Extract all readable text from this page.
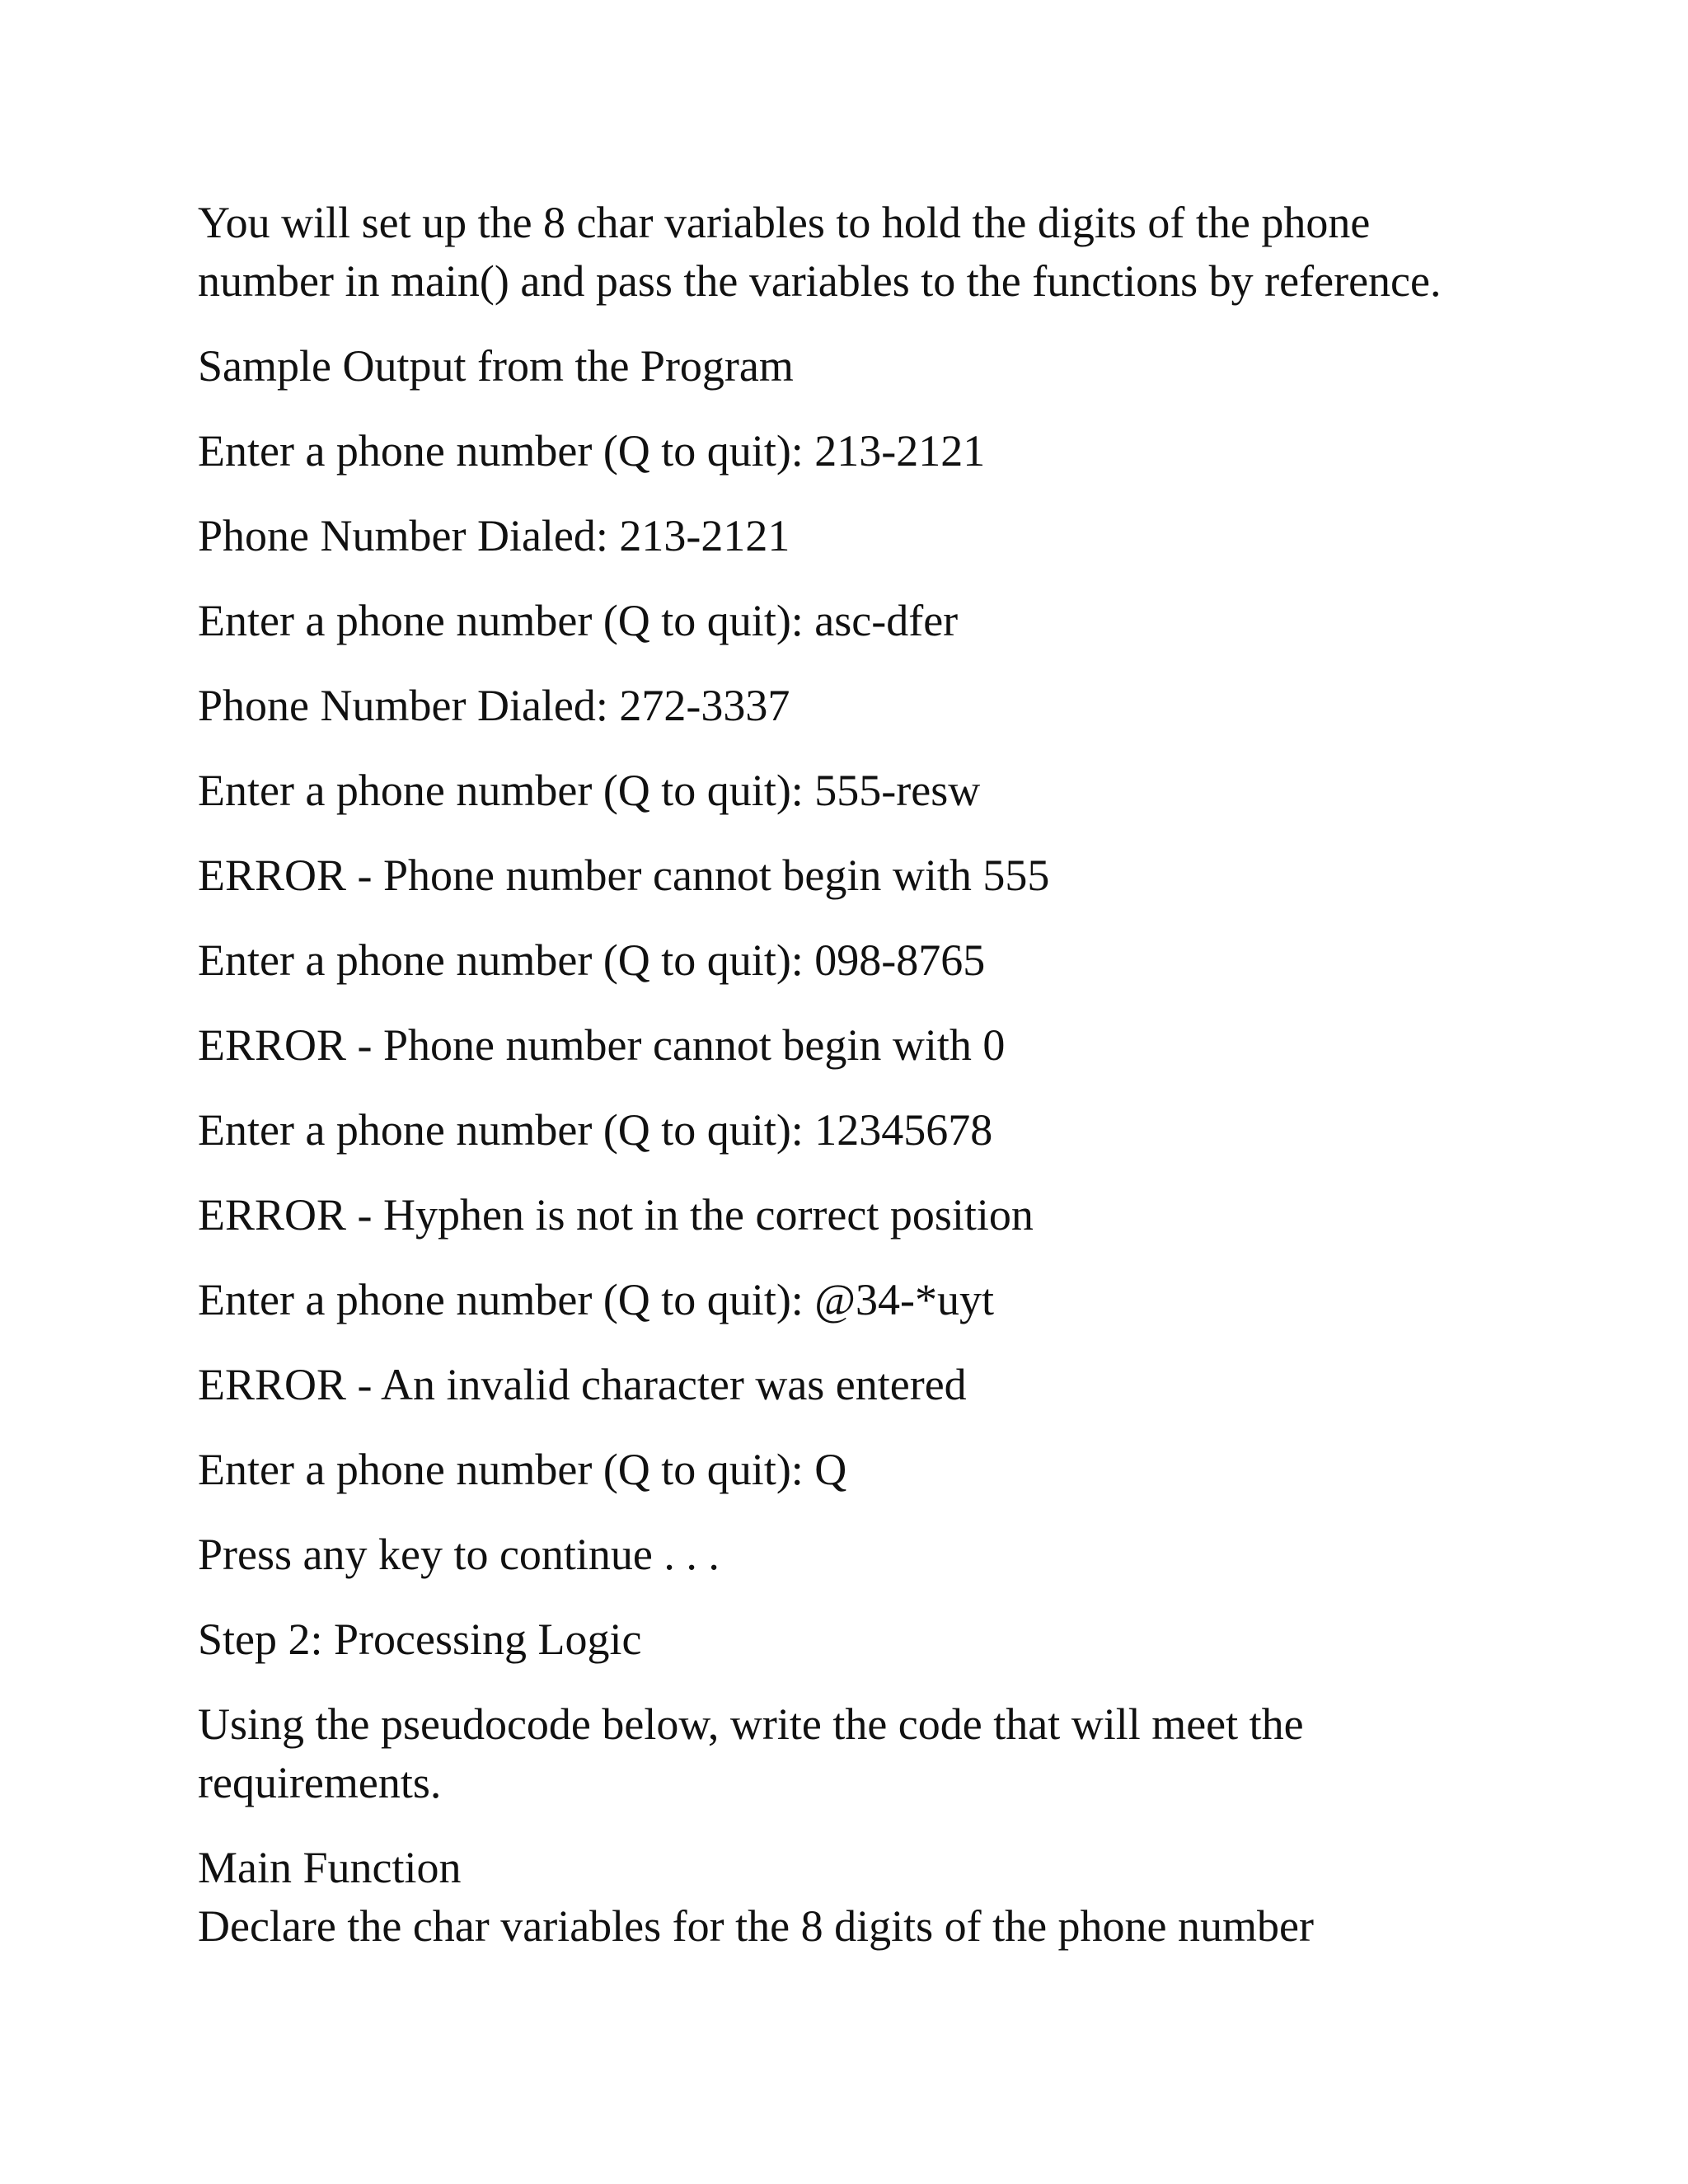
You will set up the 8 char variables to hold the digits of the phone

number in main() and pass the variables to the functions by reference.

Sample Output from the Program

Enter a phone number (Q to quit): 213-2121

Phone Number Dialed: 213-2121

Enter a phone number (Q to quit): asc-dfer

Phone Number Dialed: 272-3337

Enter a phone number (Q to quit): 555-resw

ERROR - Phone number cannot begin with 555

Enter a phone number (Q to quit): 098-8765

ERROR - Phone number cannot begin with 0

Enter a phone number (Q to quit): 12345678

ERROR - Hyphen is not in the correct position

Enter a phone number (Q to quit): @34-*uyt

ERROR - An invalid character was entered

Enter a phone number (Q to quit): Q

Press any key to continue . . .

Step 2: Processing Logic

Using the pseudocode below, write the code that will meet the

requirements.

Main Function

Declare the char variables for the 8 digits of the phone number
